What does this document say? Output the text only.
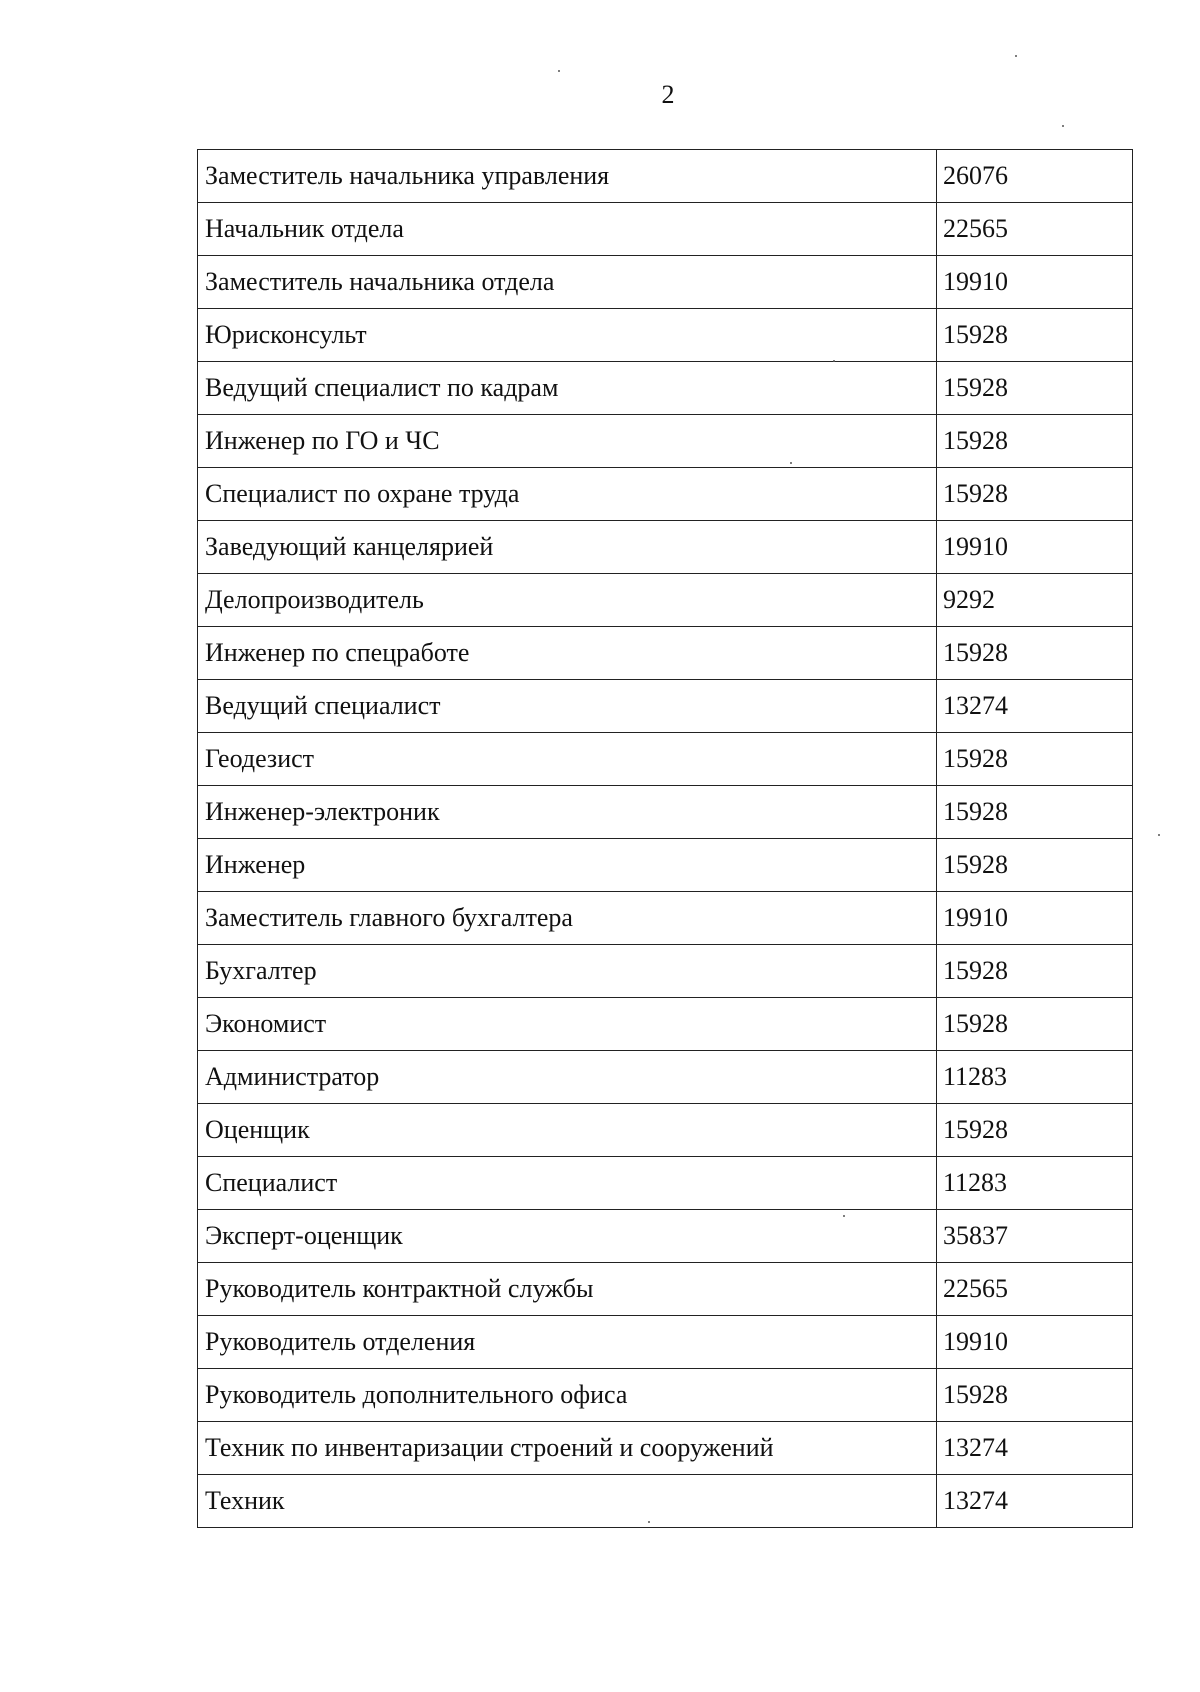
2
Заместитель начальника управления	26076
Начальник отдела	22565
Заместитель начальника отдела	19910
Юрисконсульт	15928
Ведущий специалист по кадрам	15928
Инженер по ГО и ЧС	15928
Специалист по охране труда	15928
Заведующий канцелярией	19910
Делопроизводитель	9292
Инженер по спецработе	15928
Ведущий специалист	13274
Геодезист	15928
Инженер-электроник	15928
Инженер	15928
Заместитель главного бухгалтера	19910
Бухгалтер	15928
Экономист	15928
Администратор	11283
Оценщик	15928
Специалист	11283
Эксперт-оценщик	35837
Руководитель контрактной службы	22565
Руководитель отделения	19910
Руководитель дополнительного офиса	15928
Техник по инвентаризации строений и сооружений	13274
Техник	13274
